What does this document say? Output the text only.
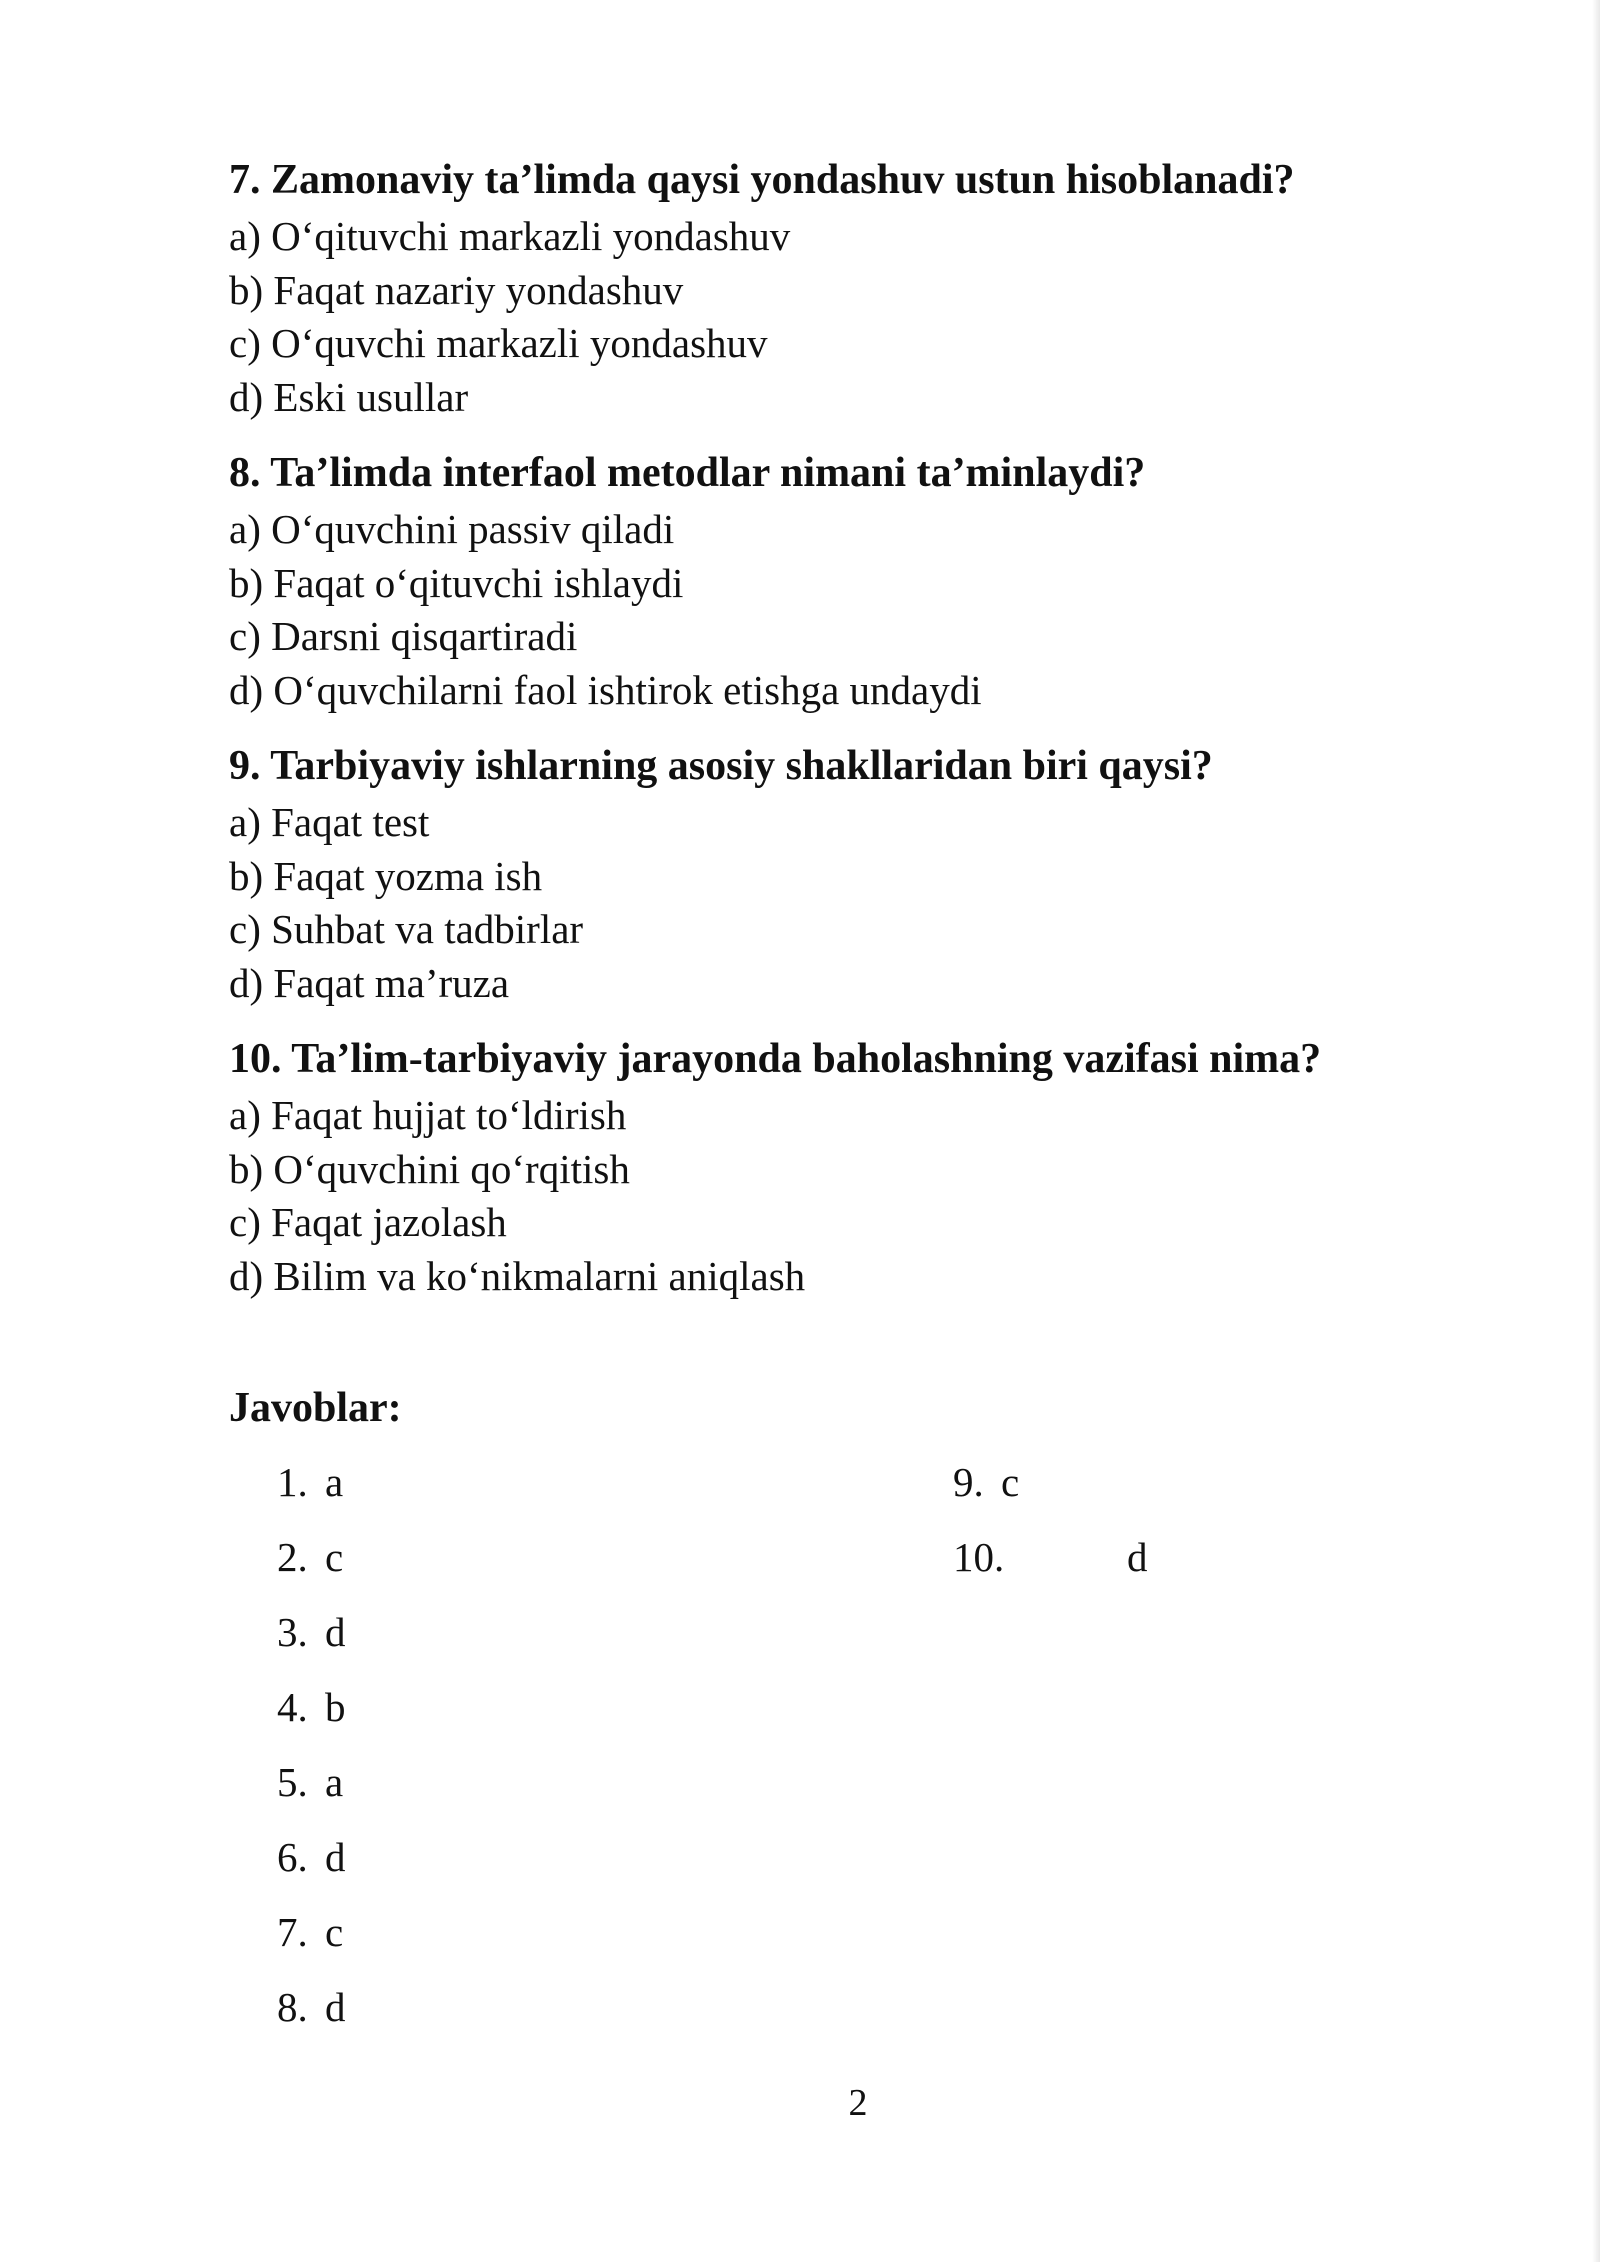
7. Zamonaviy ta’limda qaysi yondashuv ustun hisoblanadi?

a) O‘qituvchi markazli yondashuv

b) Faqat nazariy yondashuv

c) O‘quvchi markazli yondashuv

d) Eski usullar

8. Ta’limda interfaol metodlar nimani ta’minlaydi?

a) O‘quvchini passiv qiladi

b) Faqat o‘qituvchi ishlaydi

c) Darsni qisqartiradi

d) O‘quvchilarni faol ishtirok etishga undaydi

9. Tarbiyaviy ishlarning asosiy shakllaridan biri qaysi?

a) Faqat test

b) Faqat yozma ish

c) Suhbat va tadbirlar

d) Faqat ma’ruza

10. Ta’lim-tarbiyaviy jarayonda baholashning vazifasi nima?

a) Faqat hujjat to‘ldirish

b) O‘quvchini qo‘rqitish

c) Faqat jazolash

d) Bilim va ko‘nikmalarni aniqlash

Javoblar:

1. a
2. c
3. d
4. b
5. a
6. d
7. c
8. d
9. c
10.	d
2
